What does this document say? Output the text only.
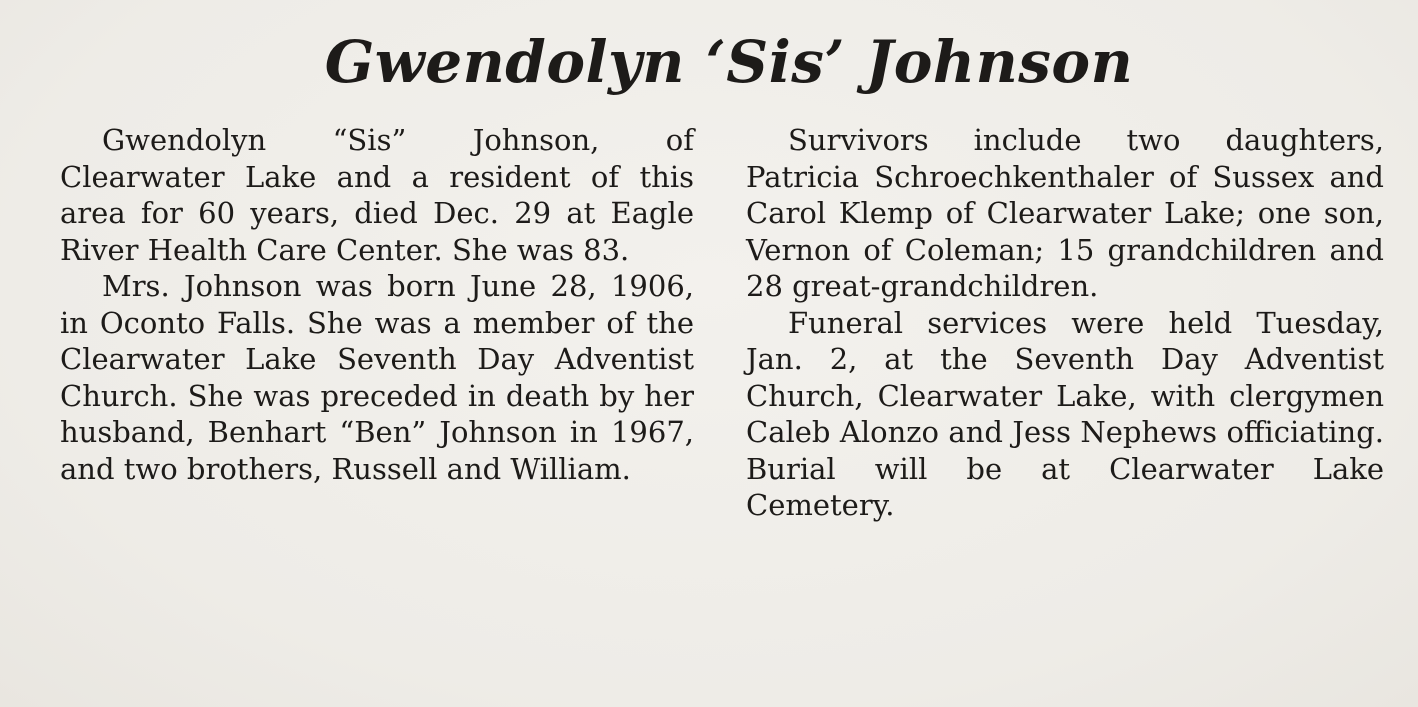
Gwendolyn ‘Sis’ Johnson

Gwendolyn “Sis” Johnson, of Clearwater Lake and a resident of this area for 60 years, died Dec. 29 at Eagle River Health Care Center. She was 83.

Mrs. Johnson was born June 28, 1906, in Oconto Falls. She was a member of the Clearwater Lake Seventh Day Adventist Church. She was preceded in death by her husband, Benhart “Ben” Johnson in 1967, and two brothers, Russell and William.

Survivors include two daughters, Patricia Schroechkenthaler of Sussex and Carol Klemp of Clearwater Lake; one son, Vernon of Coleman; 15 grandchildren and 28 great-grandchildren.

Funeral services were held Tuesday, Jan. 2, at the Seventh Day Adventist Church, Clearwater Lake, with clergymen Caleb Alonzo and Jess Nephews officiating. Burial will be at Clearwater Lake Cemetery.
